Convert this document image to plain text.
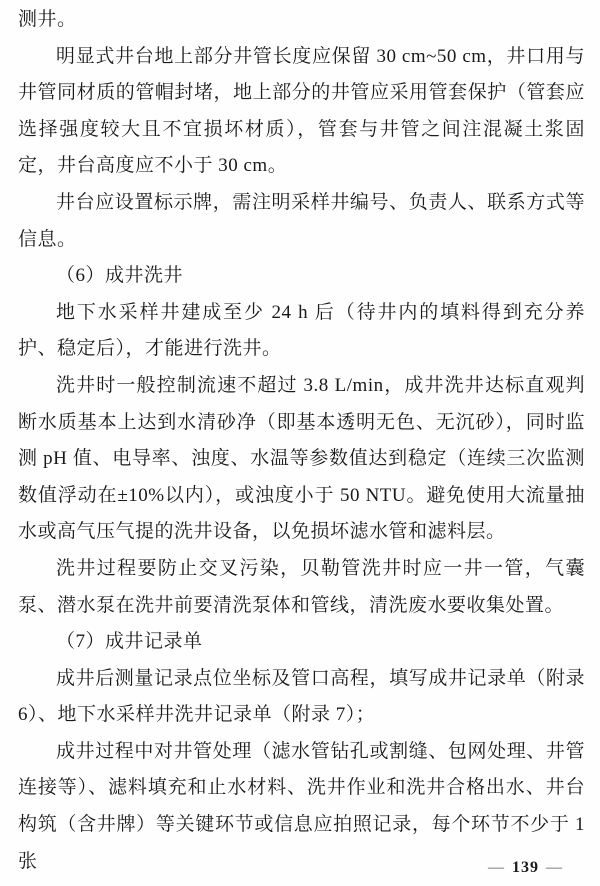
测井。

明显式井台地上部分井管长度应保留 30 cm~50 cm，井口用与井管同材质的管帽封堵，地上部分的井管应采用管套保护（管套应选择强度较大且不宜损坏材质），管套与井管之间注混凝土浆固定，井台高度应不小于 30 cm。

井台应设置标示牌，需注明采样井编号、负责人、联系方式等信息。

（6）成井洗井

地下水采样井建成至少 24 h 后（待井内的填料得到充分养护、稳定后），才能进行洗井。

洗井时一般控制流速不超过 3.8 L/min，成井洗井达标直观判断水质基本上达到水清砂净（即基本透明无色、无沉砂），同时监测 pH 值、电导率、浊度、水温等参数值达到稳定（连续三次监测数值浮动在±10%以内），或浊度小于 50 NTU。避免使用大流量抽水或高气压气提的洗井设备，以免损坏滤水管和滤料层。

洗井过程要防止交叉污染，贝勒管洗井时应一井一管，气囊泵、潜水泵在洗井前要清洗泵体和管线，清洗废水要收集处置。

（7）成井记录单

成井后测量记录点位坐标及管口高程，填写成井记录单（附录 6）、地下水采样井洗井记录单（附录 7）；

成井过程中对井管处理（滤水管钻孔或割缝、包网处理、井管连接等）、滤料填充和止水材料、洗井作业和洗井合格出水、井台构筑（含井牌）等关键环节或信息应拍照记录，每个环节不少于 1 张	— 139 —
